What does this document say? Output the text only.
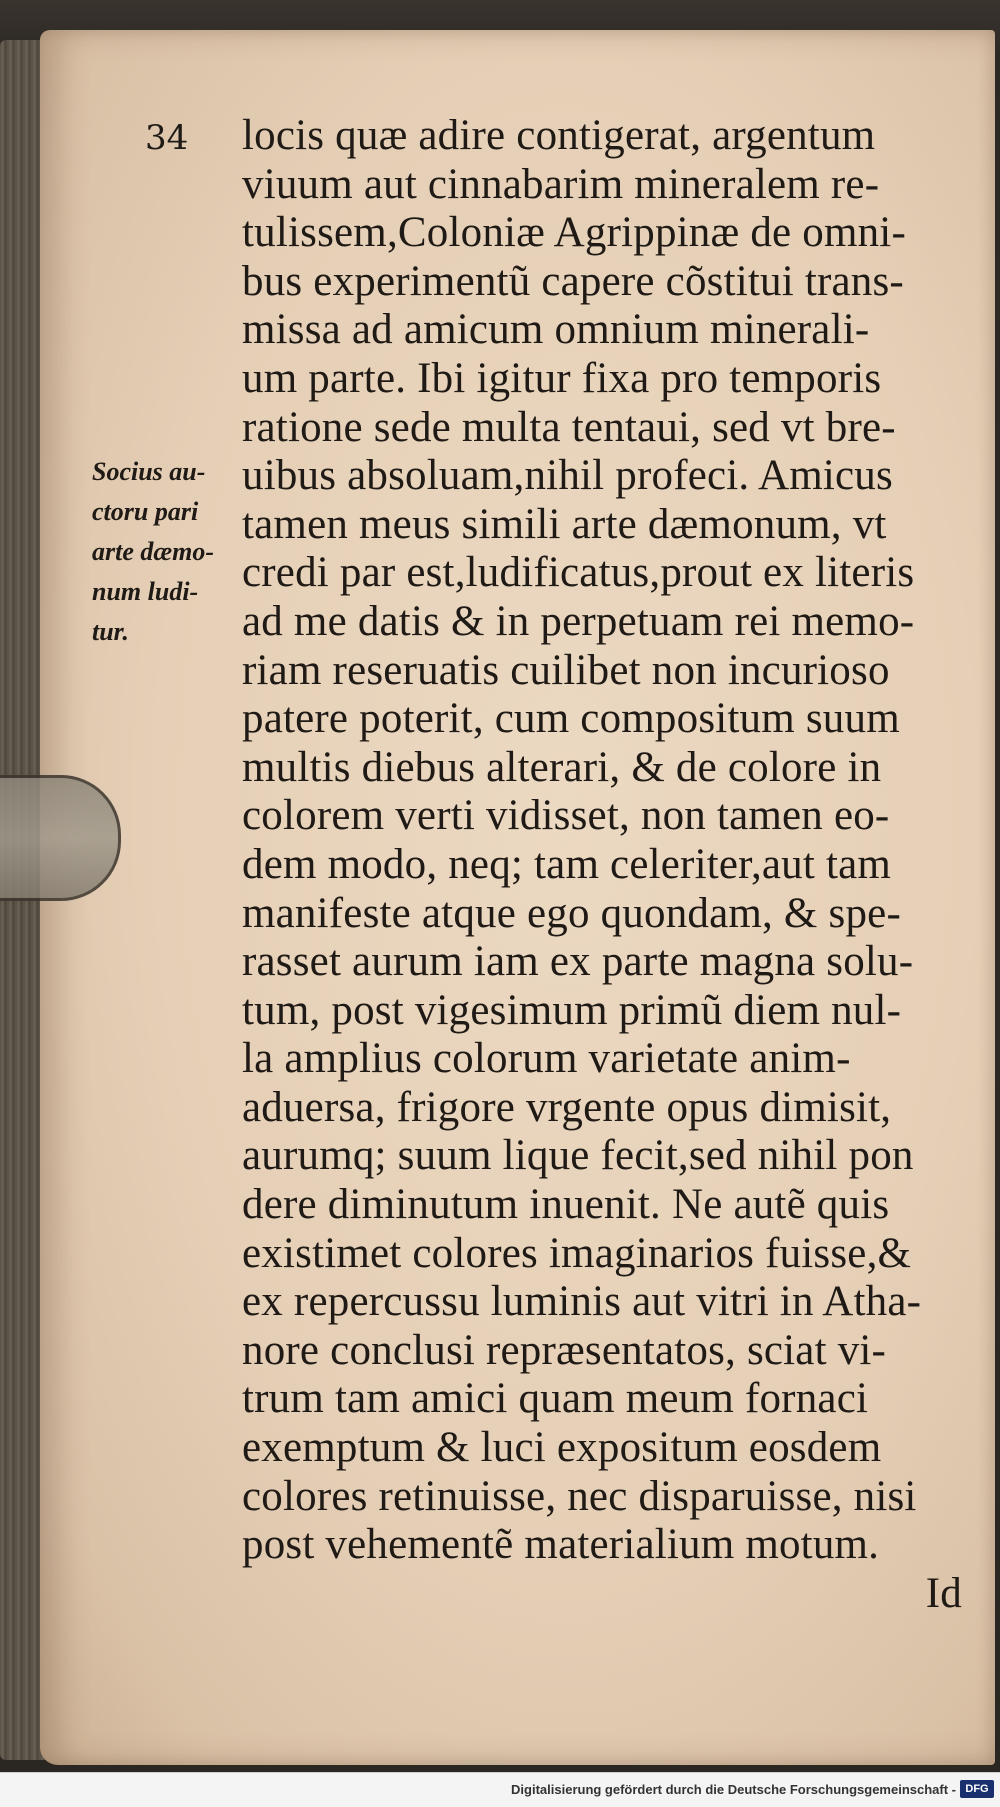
34
Socius au-
ctoru pari
arte dæmo-
num ludi-
tur.
locis quæ adire contigerat, argentum
viuum aut cinnabarim mineralem re-
tulissem,Coloniæ Agrippinæ de omni-
bus experimentũ capere cõstitui trans-
missa ad amicum omnium minerali-
um parte. Ibi igitur fixa pro temporis
ratione sede multa tentaui, sed vt bre-
uibus absoluam,nihil profeci. Amicus
tamen meus simili arte dæmonum, vt
credi par est,ludificatus,prout ex literis
ad me datis & in perpetuam rei memo-
riam reseruatis cuilibet non incurioso
patere poterit, cum compositum suum
multis diebus alterari, & de colore in
colorem verti vidisset, non tamen eo-
dem modo, neq; tam celeriter,aut tam
manifeste atque ego quondam, & spe-
rasset aurum iam ex parte magna solu-
tum, post vigesimum primũ diem nul-
la amplius colorum varietate anim-
aduersa, frigore vrgente opus dimisit,
aurumq; suum lique fecit,sed nihil pon
dere diminutum inuenit. Ne autẽ quis
existimet colores imaginarios fuisse,&
ex repercussu luminis aut vitri in Atha-
nore conclusi repræsentatos, sciat vi-
trum tam amici quam meum fornaci
exemptum & luci expositum eosdem
colores retinuisse, nec disparuisse, nisi
post vehementẽ materialium motum.
Id
Digitalisierung gefördert durch die Deutsche Forschungsgemeinschaft - DFG
